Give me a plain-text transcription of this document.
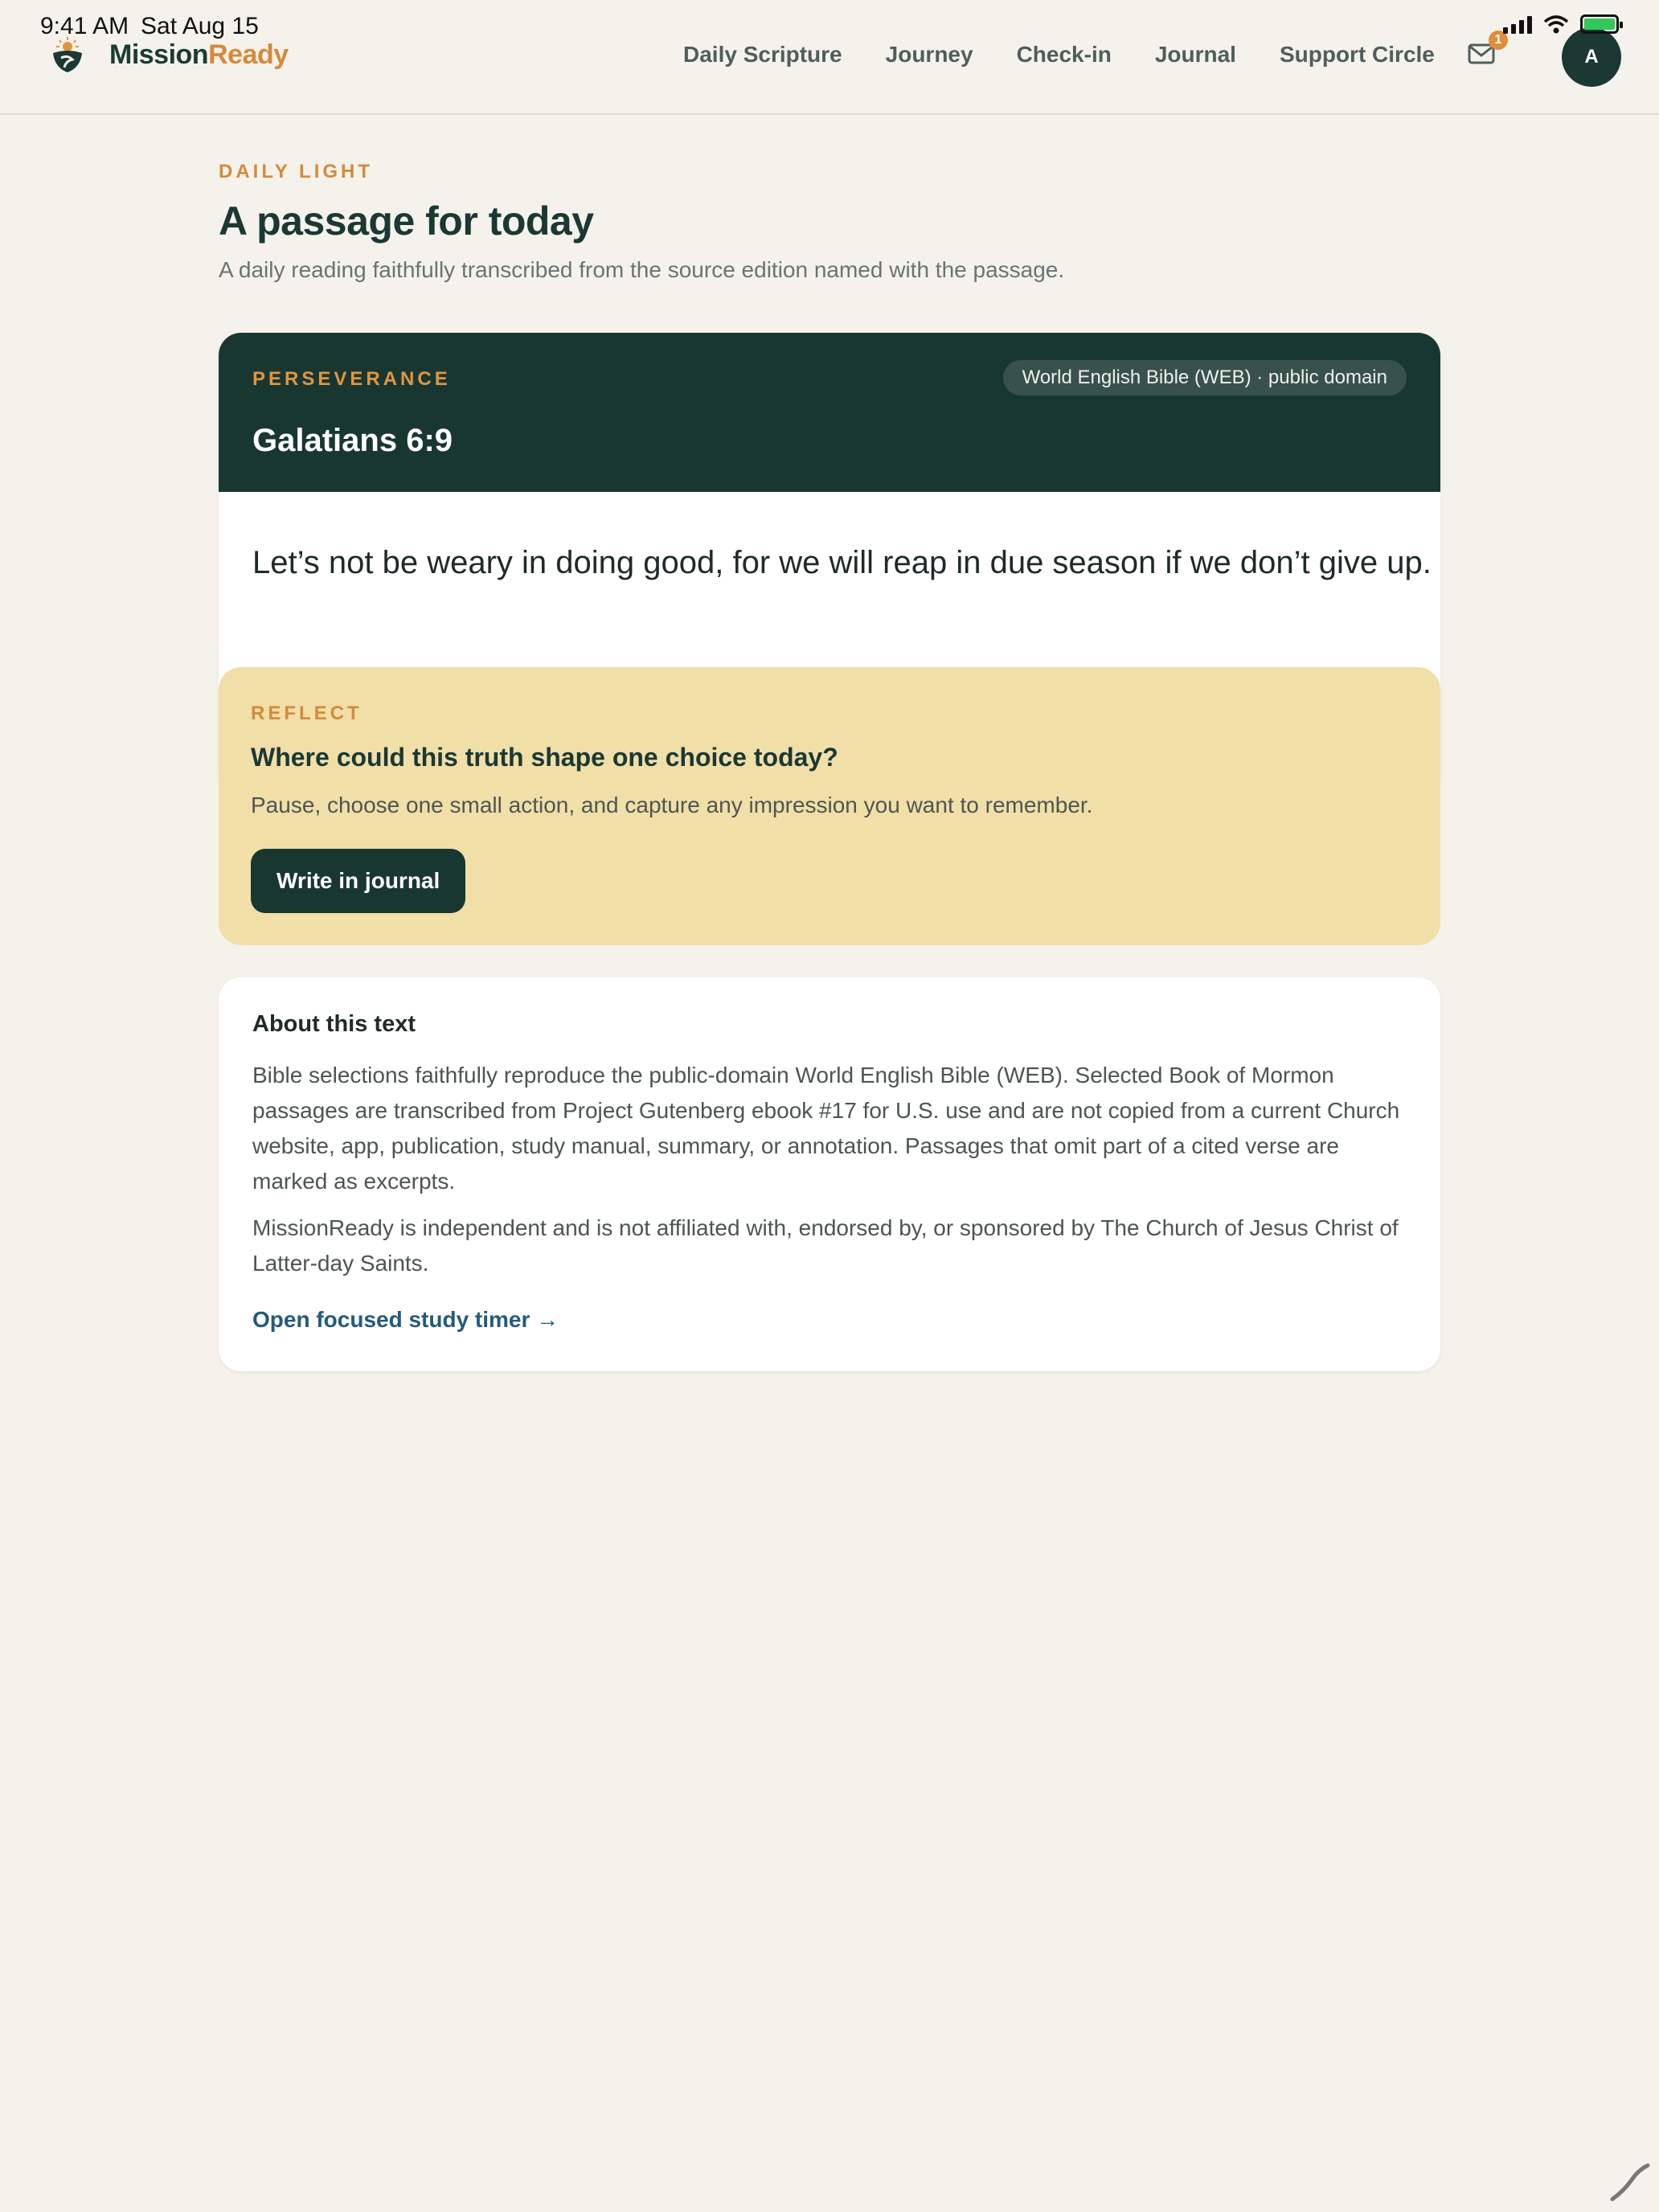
MissionReady	Daily Scripture Journey Check-in Journal Support Circle
1
A
9:41 AM Sat Aug 15
DAILY LIGHT
A passage for today

A daily reading faithfully transcribed from the source edition named with the passage.

PERSEVERANCE	World English Bible (WEB) · public domain
Galatians 6:9

Let’s not be weary in doing good, for we will reap in due season if we don’t give up.

REFLECT
Where could this truth shape one choice today?

Pause, choose one small action, and capture any impression you want to remember.

Write in journal
About this text

Bible selections faithfully reproduce the public-domain World English Bible (WEB). Selected Book of Mormon passages are transcribed from Project Gutenberg ebook #17 for U.S. use and are not copied from a current Church website, app, publication, study manual, summary, or annotation. Passages that omit part of a cited verse are marked as excerpts.

MissionReady is independent and is not affiliated with, endorsed by, or sponsored by The Church of Jesus Christ of Latter-day Saints.

Open focused study timer →
